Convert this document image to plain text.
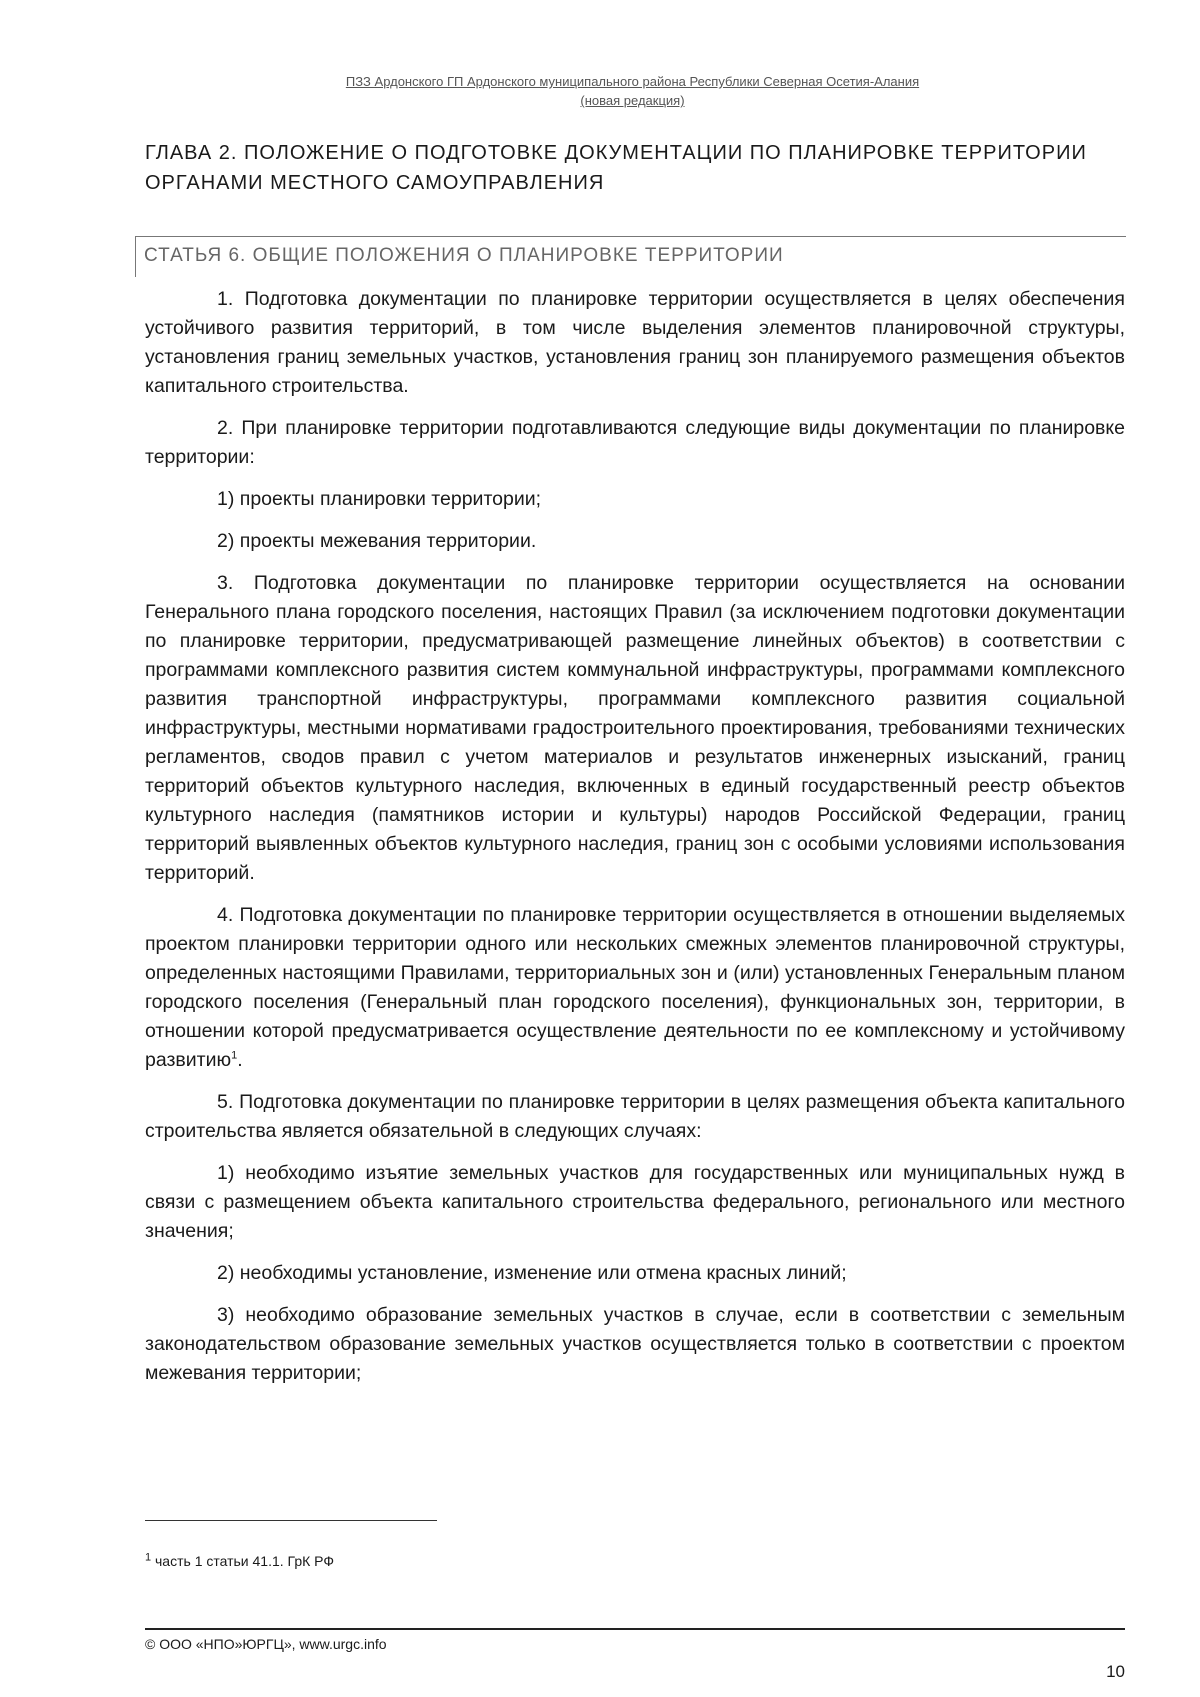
ПЗЗ Ардонского ГП Ардонского муниципального района Республики Северная Осетия-Алания
(новая редакция)
ГЛАВА 2. ПОЛОЖЕНИЕ О ПОДГОТОВКЕ ДОКУМЕНТАЦИИ ПО ПЛАНИРОВКЕ ТЕРРИТОРИИ ОРГАНАМИ МЕСТНОГО САМОУПРАВЛЕНИЯ
СТАТЬЯ 6. ОБЩИЕ ПОЛОЖЕНИЯ О ПЛАНИРОВКЕ ТЕРРИТОРИИ

1. Подготовка документации по планировке территории осуществляется в целях обеспечения устойчивого развития территорий, в том числе выделения элементов планировочной структуры, установления границ земельных участков, установления границ зон планируемого размещения объектов капитального строительства.

2. При планировке территории подготавливаются следующие виды документации по планировке территории:

1) проекты планировки территории;

2) проекты межевания территории.

3. Подготовка документации по планировке территории осуществляется на основании Генерального плана городского поселения, настоящих Правил (за исключением подготовки документации по планировке территории, предусматривающей размещение линейных объектов) в соответствии с программами комплексного развития систем коммунальной инфраструктуры, программами комплексного развития транспортной инфраструктуры, программами комплексного развития социальной инфраструктуры, местными нормативами градостроительного проектирования, требованиями технических регламентов, сводов правил с учетом материалов и результатов инженерных изысканий, границ территорий объектов культурного наследия, включенных в единый государственный реестр объектов культурного наследия (памятников истории и культуры) народов Российской Федерации, границ территорий выявленных объектов культурного наследия, границ зон с особыми условиями использования территорий.

4. Подготовка документации по планировке территории осуществляется в отношении выделяемых проектом планировки территории одного или нескольких смежных элементов планировочной структуры, определенных настоящими Правилами, территориальных зон и (или) установленных Генеральным планом городского поселения (Генеральный план городского поселения), функциональных зон, территории, в отношении которой предусматривается осуществление деятельности по ее комплексному и устойчивому развитию$^1$.

5. Подготовка документации по планировке территории в целях размещения объекта капитального строительства является обязательной в следующих случаях:

1) необходимо изъятие земельных участков для государственных или муниципальных нужд в связи с размещением объекта капитального строительства федерального, регионального или местного значения;

2) необходимы установление, изменение или отмена красных линий;

3) необходимо образование земельных участков в случае, если в соответствии с земельным законодательством образование земельных участков осуществляется только в соответствии с проектом межевания территории;

$^1$ часть 1 статьи 41.1. ГрК РФ
© ООО «НПО»ЮРГЦ», www.urgc.info
10
